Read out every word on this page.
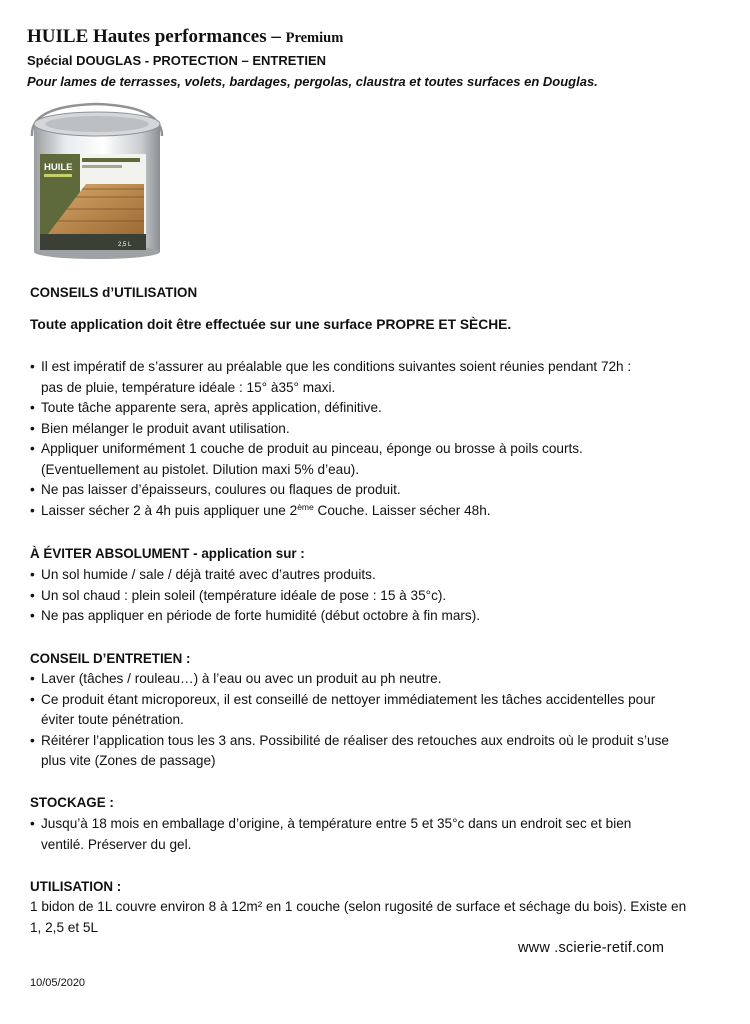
HUILE Hautes performances – Premium
Spécial DOUGLAS - PROTECTION – ENTRETIEN
Pour lames de terrasses, volets, bardages, pergolas, claustra et toutes surfaces en Douglas.
HUILE
2,5 L
CONSEILS d’UTILISATION
Toute application doit être effectuée sur une surface PROPRE ET SÈCHE.
• Il est impératif de s’assurer au préalable que les conditions suivantes soient réunies pendant 72h :
pas de pluie, température idéale : 15° à35° maxi.
• Toute tâche apparente sera, après application, définitive.
• Bien mélanger le produit avant utilisation.
• Appliquer uniformément 1 couche de produit au pinceau, éponge ou brosse à poils courts.
(Eventuellement au pistolet. Dilution maxi 5% d’eau).
• Ne pas laisser d’épaisseurs, coulures ou flaques de produit.
• Laisser sécher 2 à 4h puis appliquer une 2ème Couche. Laisser sécher 48h.
À ÉVITER ABSOLUMENT - application sur :
• Un sol humide / sale / déjà traité avec d’autres produits.
• Un sol chaud : plein soleil (température idéale de pose : 15 à 35°c).
• Ne pas appliquer en période de forte humidité (début octobre à fin mars).
CONSEIL D’ENTRETIEN :
• Laver (tâches / rouleau…) à l’eau ou avec un produit au ph neutre.
• Ce produit étant microporeux, il est conseillé de nettoyer immédiatement les tâches accidentelles pour
éviter toute pénétration.
• Réitérer l’application tous les 3 ans. Possibilité de réaliser des retouches aux endroits où le produit s’use
plus vite (Zones de passage)
STOCKAGE :
• Jusqu’à 18 mois en emballage d’origine, à température entre 5 et 35°c dans un endroit sec et bien
ventilé. Préserver du gel.
UTILISATION :
1 bidon de 1L couvre environ 8 à 12m² en 1 couche (selon rugosité de surface et séchage du bois). Existe en
1, 2,5 et 5L
www .scierie-retif.com
10/05/2020
